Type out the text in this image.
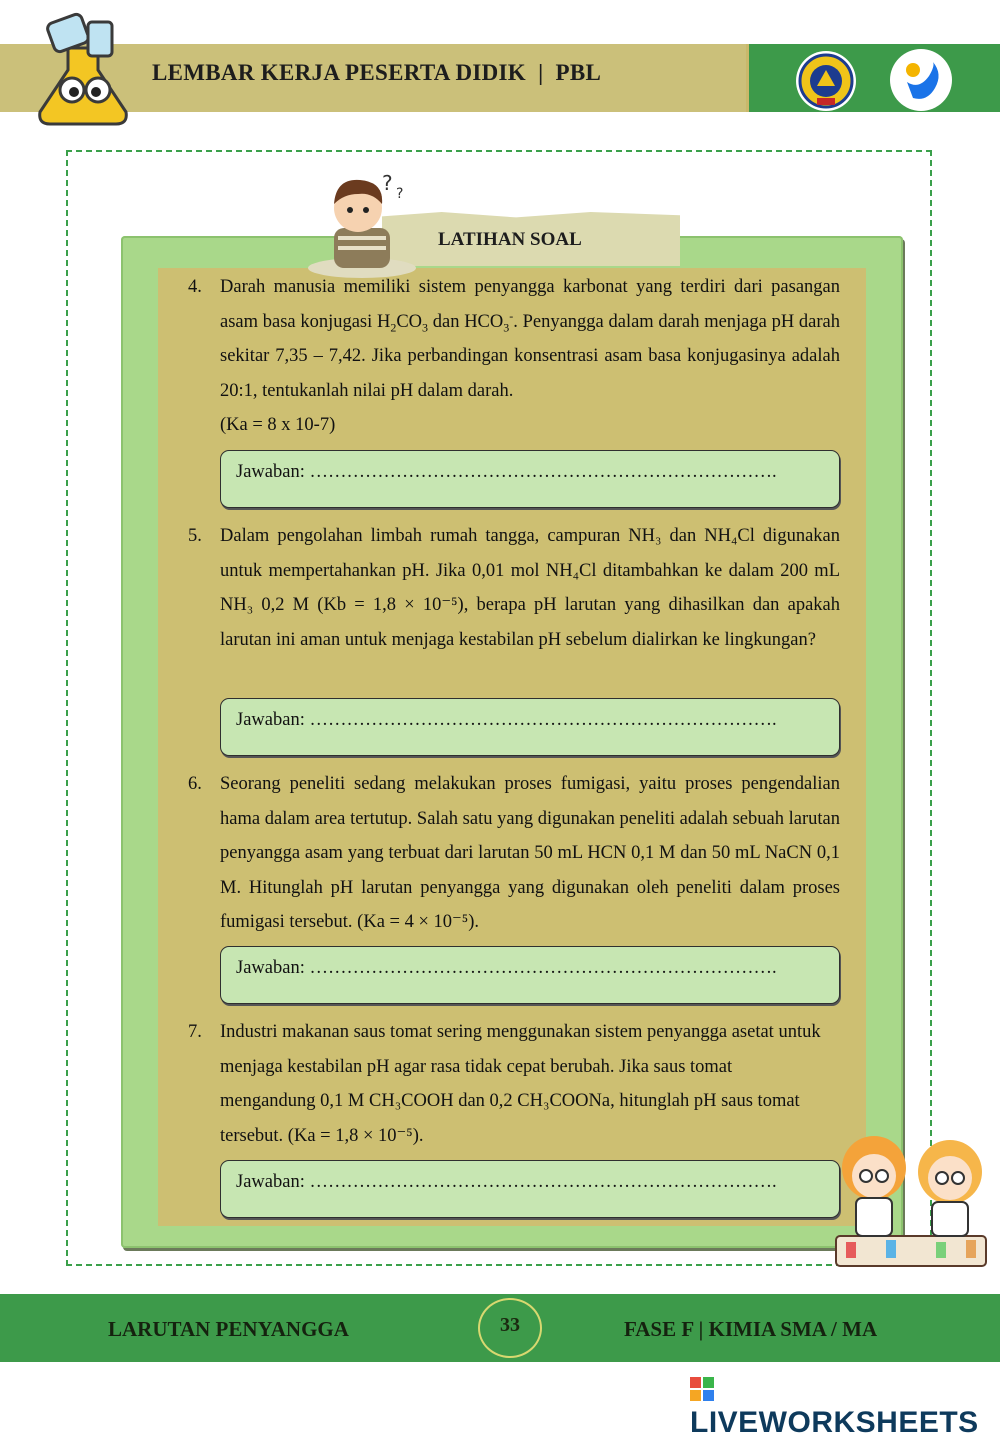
LEMBAR KERJA PESERTA DIDIK  |  PBL
LATIHAN SOAL
? ?
4. Darah manusia memiliki sistem penyangga karbonat yang terdiri dari pasangan asam basa konjugasi $H_2CO_3$ dan $HCO_3^-$. Penyangga dalam darah menjaga pH darah sekitar 7,35 – 7,42. Jika perbandingan konsentrasi asam basa konjugasinya adalah 20:1, tentukanlah nilai pH dalam darah.
(Ka = 8 x 10-7)
Jawaban: ………………………………………………………………….
5. Dalam pengolahan limbah rumah tangga, campuran NH₃ dan NH₄Cl digunakan untuk mempertahankan pH. Jika 0,01 mol NH₄Cl ditambahkan ke dalam 200 mL NH₃ 0,2 M (Kb = 1,8 × 10⁻⁵), berapa pH larutan yang dihasilkan dan apakah larutan ini aman untuk menjaga kestabilan pH sebelum dialirkan ke lingkungan?
Jawaban: ………………………………………………………………….
6. Seorang peneliti sedang melakukan proses fumigasi, yaitu proses pengendalian hama dalam area tertutup. Salah satu yang digunakan peneliti adalah sebuah larutan penyangga asam yang terbuat dari larutan 50 mL HCN 0,1 M dan 50 mL NaCN 0,1 M. Hitunglah pH larutan penyangga yang digunakan oleh peneliti dalam proses fumigasi tersebut. (Ka = 4 × 10⁻⁵).
Jawaban: ………………………………………………………………….
7. Industri makanan saus tomat sering menggunakan sistem penyangga asetat untuk menjaga kestabilan pH agar rasa tidak cepat berubah. Jika saus tomat mengandung 0,1 M CH₃COOH dan 0,2 CH₃COONa, hitunglah pH saus tomat tersebut. (Ka = 1,8 × 10⁻⁵).
Jawaban: ………………………………………………………………….
LARUTAN PENYANGGA	33	FASE F | KIMIA SMA / MA
LIVEWORKSHEETS
